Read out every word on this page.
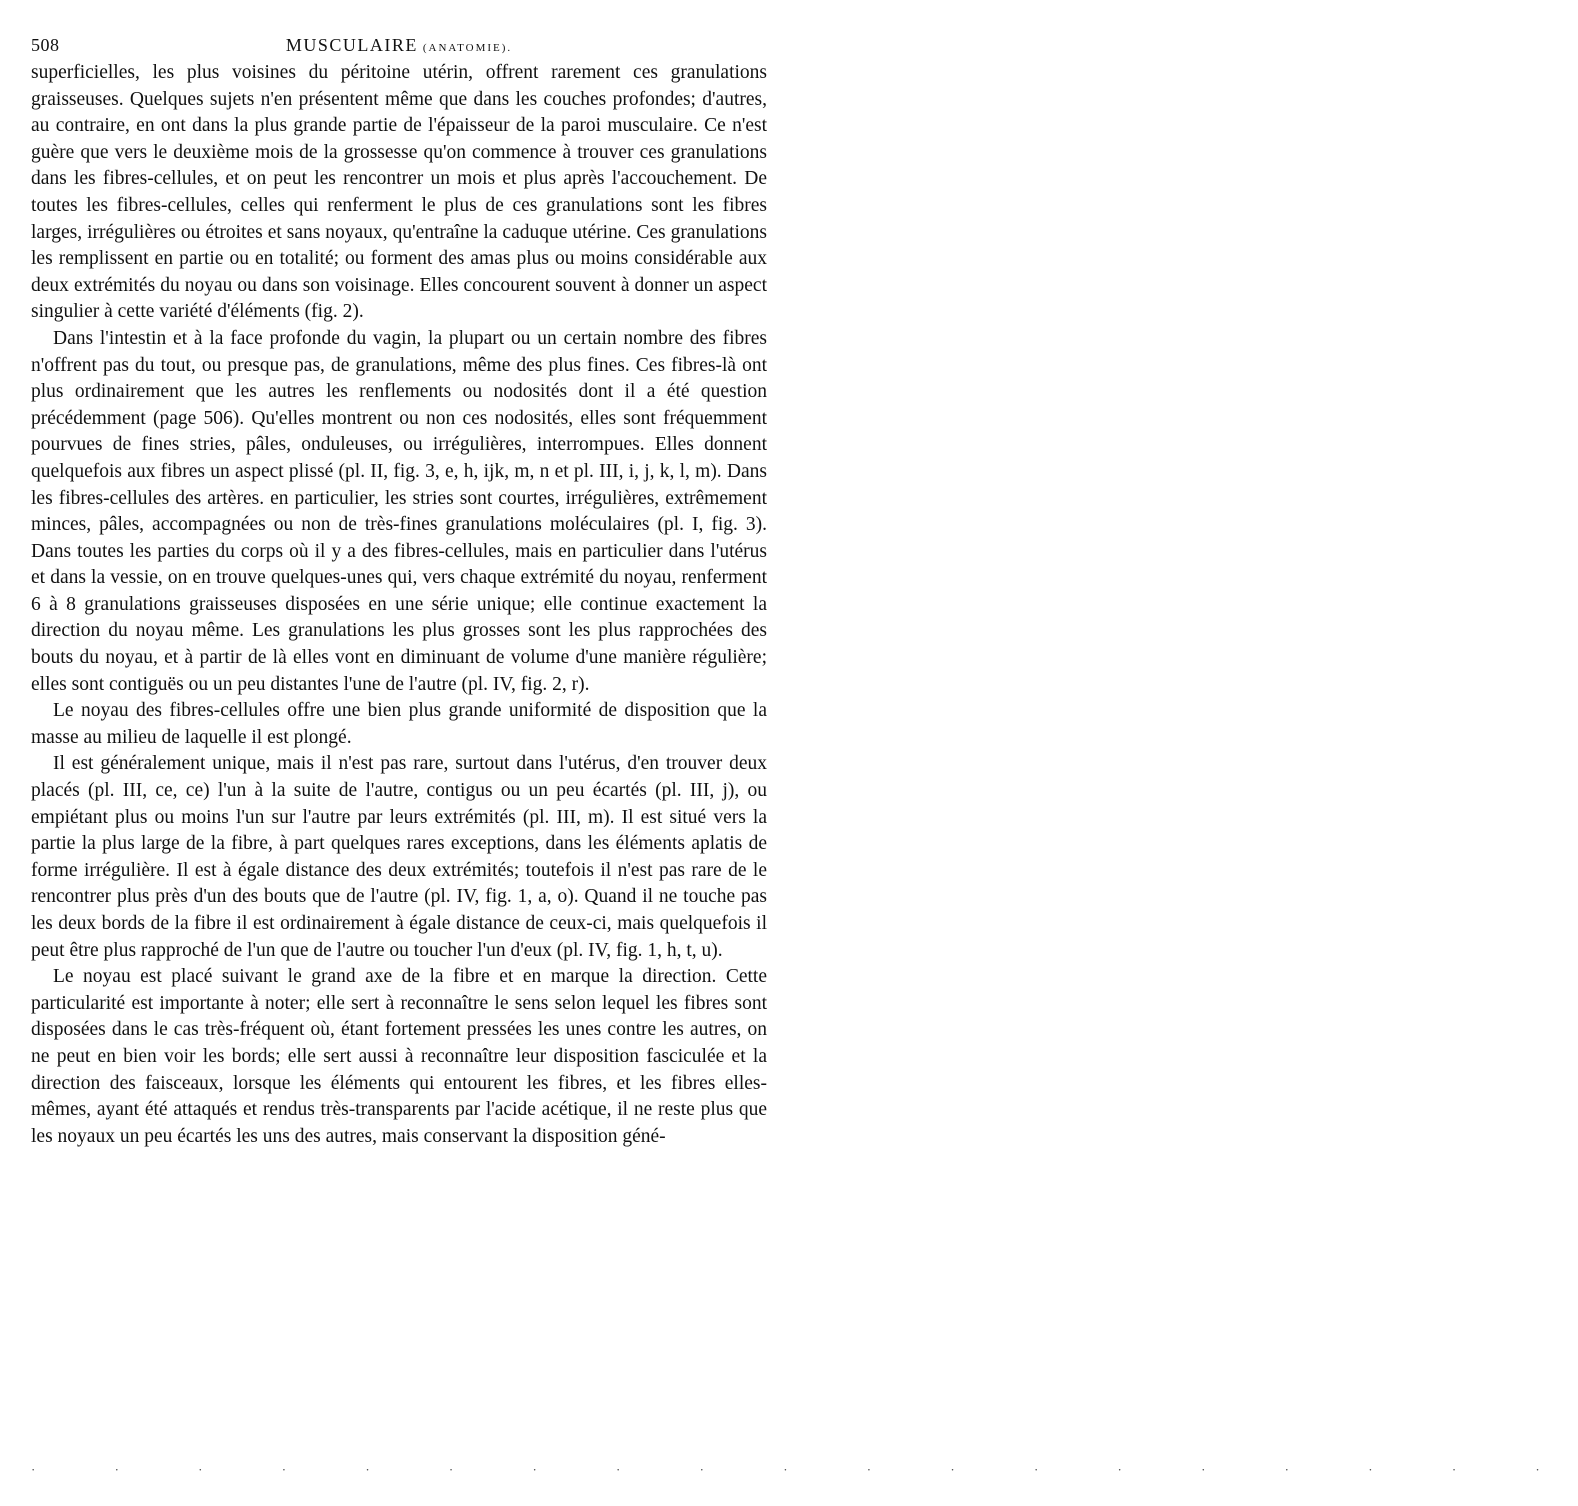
508	MUSCULAIRE (ANATOMIE).

superficielles, les plus voisines du péritoine utérin, offrent rarement ces granulations graisseuses. Quelques sujets n'en présentent même que dans les couches profondes; d'autres, au contraire, en ont dans la plus grande partie de l'épaisseur de la paroi musculaire. Ce n'est guère que vers le deuxième mois de la grossesse qu'on commence à trouver ces granulations dans les fibres-cellules, et on peut les rencontrer un mois et plus après l'accouchement. De toutes les fibres-cellules, celles qui renferment le plus de ces granulations sont les fibres larges, irrégulières ou étroites et sans noyaux, qu'entraîne la caduque utérine. Ces granulations les remplissent en partie ou en totalité; ou forment des amas plus ou moins considérable aux deux extrémités du noyau ou dans son voisinage. Elles concourent souvent à donner un aspect singulier à cette variété d'éléments (fig. 2).

Dans l'intestin et à la face profonde du vagin, la plupart ou un certain nombre des fibres n'offrent pas du tout, ou presque pas, de granulations, même des plus fines. Ces fibres-là ont plus ordinairement que les autres les renflements ou nodosités dont il a été question précédemment (page 506). Qu'elles montrent ou non ces nodosités, elles sont fréquemment pourvues de fines stries, pâles, onduleuses, ou irrégulières, interrompues. Elles donnent quelquefois aux fibres un aspect plissé (pl. II, fig. 3, e, h, ijk, m, n et pl. III, i, j, k, l, m). Dans les fibres-cellules des artères. en particulier, les stries sont courtes, irrégulières, extrêmement minces, pâles, accompagnées ou non de très-fines granulations moléculaires (pl. I, fig. 3). Dans toutes les parties du corps où il y a des fibres-cellules, mais en particulier dans l'utérus et dans la vessie, on en trouve quelques-unes qui, vers chaque extrémité du noyau, renferment 6 à 8 granulations graisseuses disposées en une série unique; elle continue exactement la direction du noyau même. Les granulations les plus grosses sont les plus rapprochées des bouts du noyau, et à partir de là elles vont en diminuant de volume d'une manière régulière; elles sont contiguës ou un peu distantes l'une de l'autre (pl. IV, fig. 2, r).

Le noyau des fibres-cellules offre une bien plus grande uniformité de disposition que la masse au milieu de laquelle il est plongé.

Il est généralement unique, mais il n'est pas rare, surtout dans l'utérus, d'en trouver deux placés (pl. III, ce, ce) l'un à la suite de l'autre, contigus ou un peu écartés (pl. III, j), ou empiétant plus ou moins l'un sur l'autre par leurs extrémités (pl. III, m). Il est situé vers la partie la plus large de la fibre, à part quelques rares exceptions, dans les éléments aplatis de forme irrégulière. Il est à égale distance des deux extrémités; toutefois il n'est pas rare de le rencontrer plus près d'un des bouts que de l'autre (pl. IV, fig. 1, a, o). Quand il ne touche pas les deux bords de la fibre il est ordinairement à égale distance de ceux-ci, mais quelquefois il peut être plus rapproché de l'un que de l'autre ou toucher l'un d'eux (pl. IV, fig. 1, h, t, u).

Le noyau est placé suivant le grand axe de la fibre et en marque la direction. Cette particularité est importante à noter; elle sert à reconnaître le sens selon lequel les fibres sont disposées dans le cas très-fréquent où, étant fortement pressées les unes contre les autres, on ne peut en bien voir les bords; elle sert aussi à reconnaître leur disposition fasciculée et la direction des faisceaux, lorsque les éléments qui entourent les fibres, et les fibres elles-mêmes, ayant été attaqués et rendus très-transparents par l'acide acétique, il ne reste plus que les noyaux un peu écartés les uns des autres, mais conservant la disposition géné-

· · · · · · · · · · · · · · · · · · ·
